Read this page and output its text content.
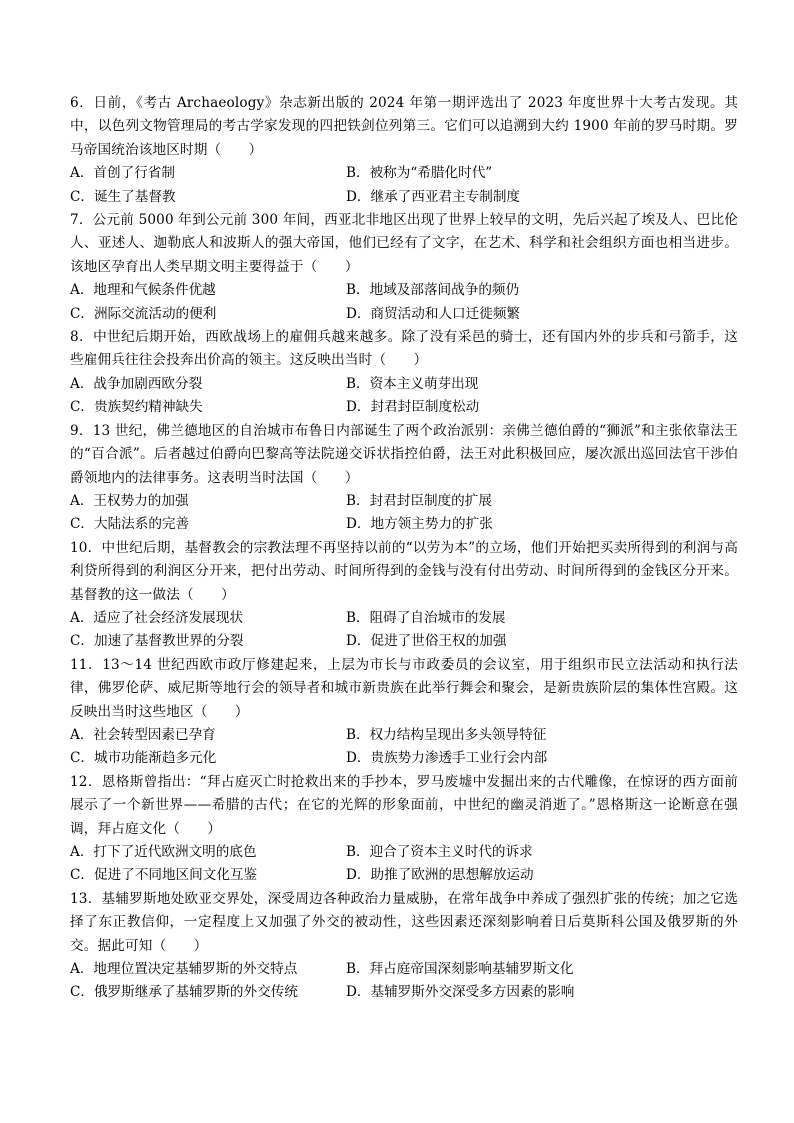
6．日前，《考古 Archaeology》杂志新出版的 2024 年第一期评选出了 2023 年度世界十大考古发现。其中，以色列文物管理局的考古学家发现的四把铁剑位列第三。它们可以追溯到大约 1900 年前的罗马时期。罗马帝国统治该地区时期（　　）

A．首创了行省制	B．被称为“希腊化时代”
C．诞生了基督教	D．继承了西亚君主专制制度

7．公元前 5000 年到公元前 300 年间，西亚北非地区出现了世界上较早的文明，先后兴起了埃及人、巴比伦人、亚述人、迦勒底人和波斯人的强大帝国，他们已经有了文字，在艺术、科学和社会组织方面也相当进步。该地区孕育出人类早期文明主要得益于（　　）

A．地理和气候条件优越	B．地域及部落间战争的频仍
C．洲际交流活动的便利	D．商贸活动和人口迁徙频繁

8．中世纪后期开始，西欧战场上的雇佣兵越来越多。除了没有采邑的骑士，还有国内外的步兵和弓箭手，这些雇佣兵往往会投奔出价高的领主。这反映出当时（　　）

A．战争加剧西欧分裂	B．资本主义萌芽出现
C．贵族契约精神缺失	D．封君封臣制度松动

9．13 世纪，佛兰德地区的自治城市布鲁日内部诞生了两个政治派别：亲佛兰德伯爵的“狮派”和主张依靠法王的“百合派”。后者越过伯爵向巴黎高等法院递交诉状指控伯爵，法王对此积极回应，屡次派出巡回法官干涉伯爵领地内的法律事务。这表明当时法国（　　）

A．王权势力的加强	B．封君封臣制度的扩展
C．大陆法系的完善	D．地方领主势力的扩张

10．中世纪后期，基督教会的宗教法理不再坚持以前的“以劳为本”的立场，他们开始把买卖所得到的利润与高利贷所得到的利润区分开来，把付出劳动、时间所得到的金钱与没有付出劳动、时间所得到的金钱区分开来。基督教的这一做法（　　）

A．适应了社会经济发展现状	B．阻碍了自治城市的发展
C．加速了基督教世界的分裂	D．促进了世俗王权的加强

11．13～14 世纪西欧市政厅修建起来，上层为市长与市政委员的会议室，用于组织市民立法活动和执行法律，佛罗伦萨、威尼斯等地行会的领导者和城市新贵族在此举行舞会和聚会，是新贵族阶层的集体性宫殿。这反映出当时这些地区（　　）

A．社会转型因素已孕育	B．权力结构呈现出多头领导特征
C．城市功能渐趋多元化	D．贵族势力渗透手工业行会内部

12．恩格斯曾指出：“拜占庭灭亡时抢救出来的手抄本，罗马废墟中发掘出来的古代雕像，在惊讶的西方面前展示了一个新世界——希腊的古代；在它的光辉的形象面前，中世纪的幽灵消逝了。”恩格斯这一论断意在强调，拜占庭文化（　　）

A．打下了近代欧洲文明的底色	B．迎合了资本主义时代的诉求
C．促进了不同地区间文化互鉴	D．助推了欧洲的思想解放运动

13．基辅罗斯地处欧亚交界处，深受周边各种政治力量威胁，在常年战争中养成了强烈扩张的传统；加之它选择了东正教信仰，一定程度上又加强了外交的被动性，这些因素还深刻影响着日后莫斯科公国及俄罗斯的外交。据此可知（　　）

A．地理位置决定基辅罗斯的外交特点	B．拜占庭帝国深刻影响基辅罗斯文化
C．俄罗斯继承了基辅罗斯的外交传统	D．基辅罗斯外交深受多方因素的影响
